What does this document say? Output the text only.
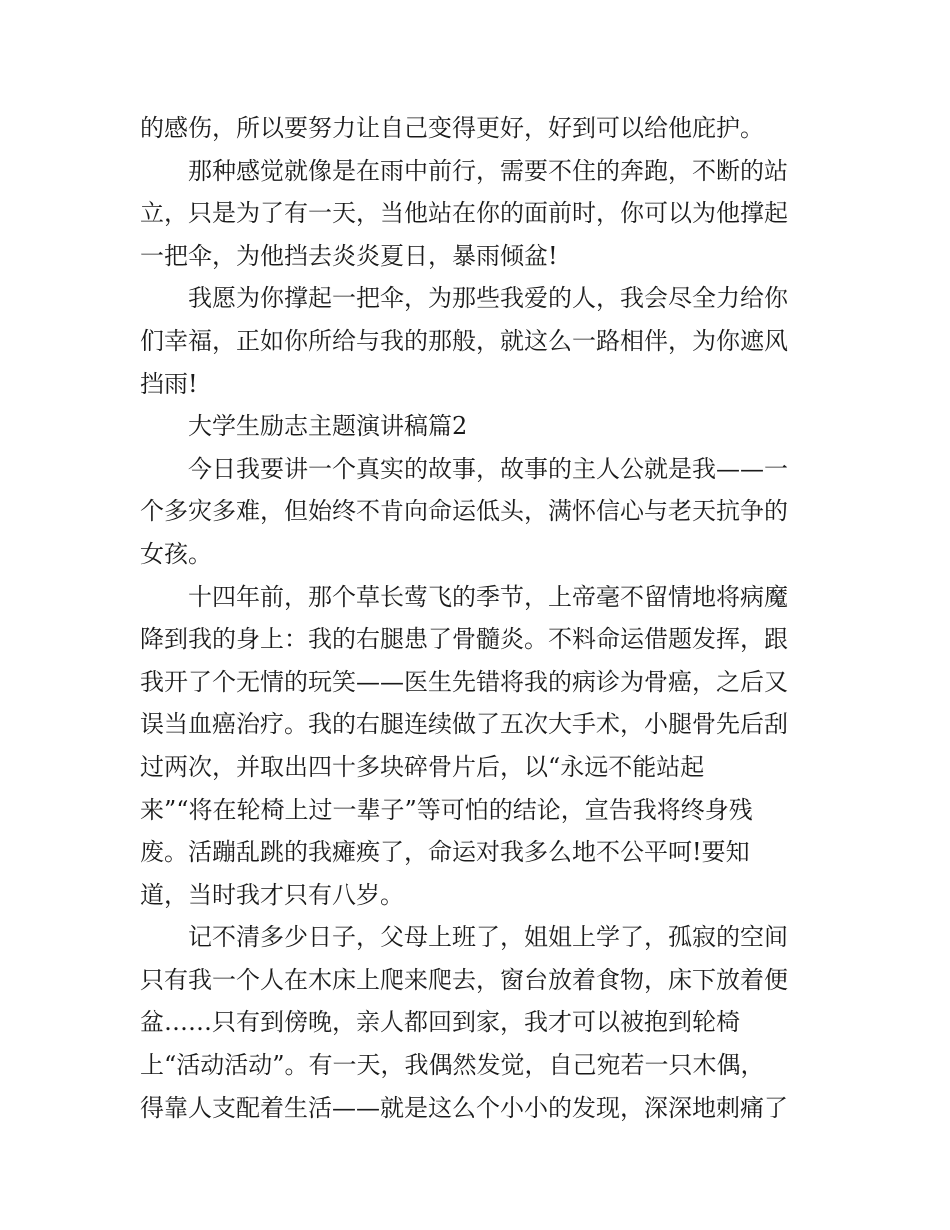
的感伤，所以要努力让自己变得更好，好到可以给他庇护。
那种感觉就像是在雨中前行，需要不住的奔跑，不断的站
立，只是为了有一天，当他站在你的面前时，你可以为他撑起
一把伞，为他挡去炎炎夏日，暴雨倾盆!
我愿为你撑起一把伞，为那些我爱的人，我会尽全力给你
们幸福，正如你所给与我的那般，就这么一路相伴，为你遮风
挡雨!
大学生励志主题演讲稿篇2
今日我要讲一个真实的故事，故事的主人公就是我——一
个多灾多难，但始终不肯向命运低头，满怀信心与老天抗争的
女孩。
十四年前，那个草长莺飞的季节，上帝毫不留情地将病魔
降到我的身上：我的右腿患了骨髓炎。不料命运借题发挥，跟
我开了个无情的玩笑——医生先错将我的病诊为骨癌，之后又
误当血癌治疗。我的右腿连续做了五次大手术，小腿骨先后刮
过两次，并取出四十多块碎骨片后，以“永远不能站起
来”“将在轮椅上过一辈子”等可怕的结论，宣告我将终身残
废。活蹦乱跳的我瘫痪了，命运对我多么地不公平呵!要知
道，当时我才只有八岁。
记不清多少日子，父母上班了，姐姐上学了，孤寂的空间
只有我一个人在木床上爬来爬去，窗台放着食物，床下放着便
盆……只有到傍晚，亲人都回到家，我才可以被抱到轮椅
上“活动活动”。有一天，我偶然发觉，自己宛若一只木偶，
得靠人支配着生活——就是这么个小小的发现，深深地刺痛了
